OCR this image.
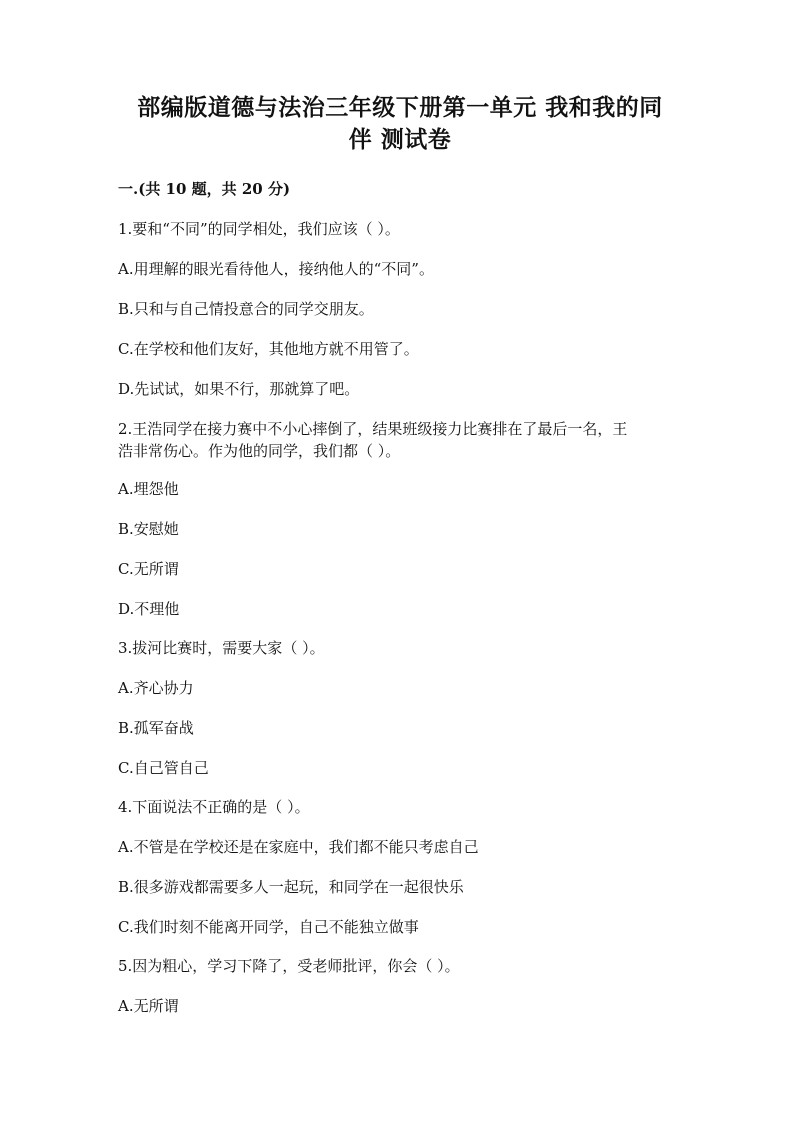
部编版道德与法治三年级下册第一单元 我和我的同
伴 测试卷
一.(共 10 题，共 20 分)
1.要和“不同”的同学相处，我们应该（ ）。
A.用理解的眼光看待他人，接纳他人的“不同”。
B.只和与自己情投意合的同学交朋友。
C.在学校和他们友好，其他地方就不用管了。
D.先试试，如果不行，那就算了吧。
2.王浩同学在接力赛中不小心摔倒了，结果班级接力比赛排在了最后一名，王
浩非常伤心。作为他的同学，我们都（ ）。
A.埋怨他
B.安慰她
C.无所谓
D.不理他
3.拔河比赛时，需要大家（ ）。
A.齐心协力
B.孤军奋战
C.自己管自己
4.下面说法不正确的是（ ）。
A.不管是在学校还是在家庭中，我们都不能只考虑自己
B.很多游戏都需要多人一起玩，和同学在一起很快乐
C.我们时刻不能离开同学，自己不能独立做事
5.因为粗心，学习下降了，受老师批评，你会（ ）。
A.无所谓
